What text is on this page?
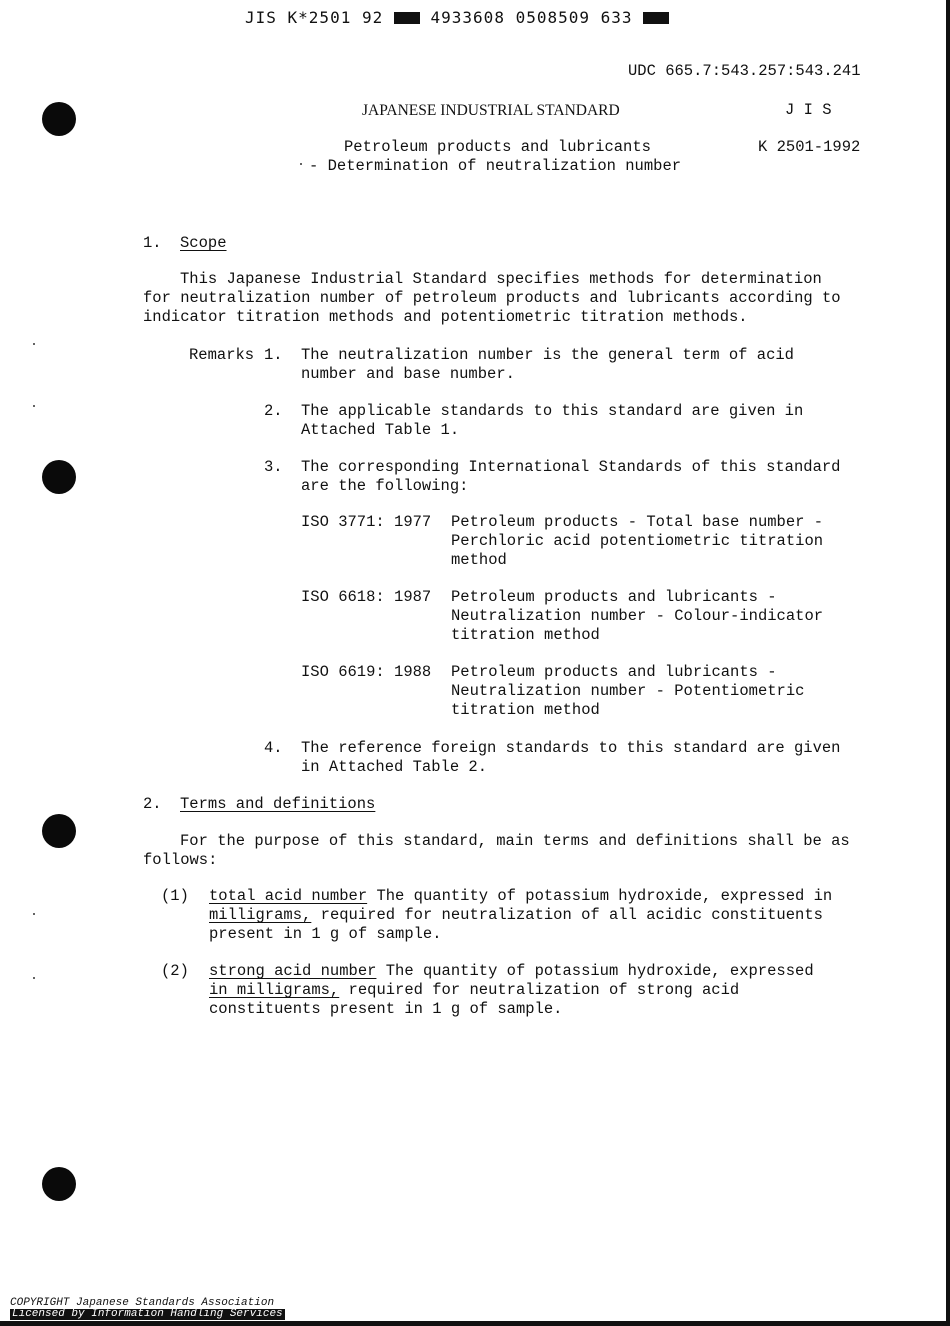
JIS K*2501 92	4933608 0508509 633
UDC 665.7:543.257:543.241
JAPANESE INDUSTRIAL STANDARD	J I S
Petroleum products and lubricants	K 2501-1992
- Determination of neutralization number
1. Scope
This Japanese Industrial Standard specifies methods for determination
for neutralization number of petroleum products and lubricants according to
indicator titration methods and potentiometric titration methods.
Remarks 1. The neutralization number is the general term of acid
number and base number.
2. The applicable standards to this standard are given in
Attached Table 1.
3. The corresponding International Standards of this standard
are the following:
ISO 3771: 1977 Petroleum products - Total base number -
Perchloric acid potentiometric titration
method
ISO 6618: 1987 Petroleum products and lubricants -
Neutralization number - Colour-indicator
titration method
ISO 6619: 1988 Petroleum products and lubricants -
Neutralization number - Potentiometric
titration method
4. The reference foreign standards to this standard are given
in Attached Table 2.
2. Terms and definitions
For the purpose of this standard, main terms and definitions shall be as
follows:
(1) total acid number The quantity of potassium hydroxide, expressed in
milligrams, required for neutralization of all acidic constituents
present in 1 g of sample.
(2) strong acid number The quantity of potassium hydroxide, expressed
in milligrams, required for neutralization of strong acid
constituents present in 1 g of sample.
COPYRIGHT Japanese Standards Association
Licensed by Information Handling Services
